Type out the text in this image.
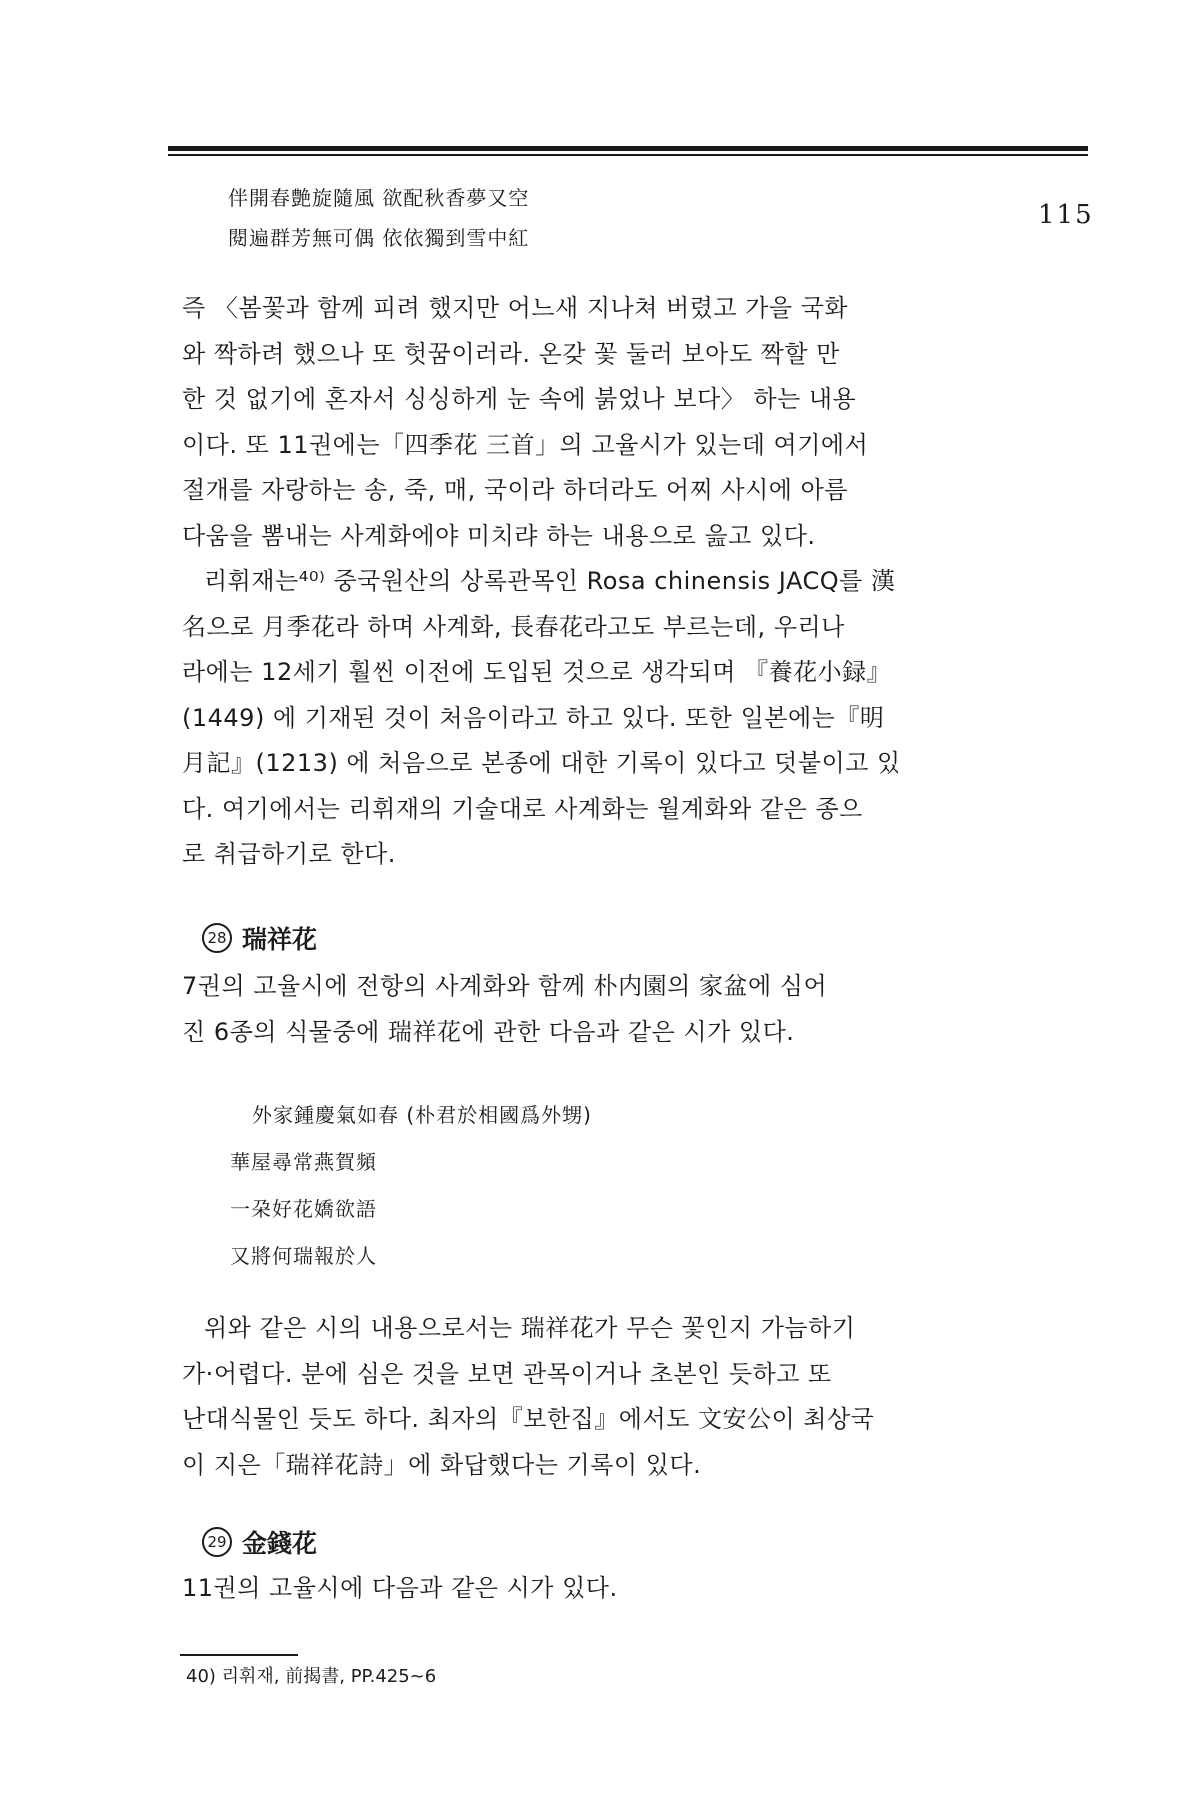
115
伴開春艶旋隨風 欲配秋香夢又空
閱遍群芳無可偶 依依獨到雪中紅
즉 〈봄꽃과 함께 피려 했지만 어느새 지나쳐 버렸고 가을 국화
와 짝하려 했으나 또 헛꿈이러라. 온갖 꽃 둘러 보아도 짝할 만
한 것 없기에 혼자서 싱싱하게 눈 속에 붉었나 보다〉 하는 내용
이다. 또 11권에는「四季花 三首」의 고율시가 있는데 여기에서
절개를 자랑하는 송, 죽, 매, 국이라 하더라도 어찌 사시에 아름
다움을 뽐내는 사계화에야 미치랴 하는 내용으로 읊고 있다.
리휘재는⁴⁰⁾ 중국원산의 상록관목인 Rosa chinensis JACQ를 漢
名으로 月季花라 하며 사계화, 長春花라고도 부르는데, 우리나
라에는 12세기 훨씬 이전에 도입된 것으로 생각되며 『養花小録』
(1449) 에 기재된 것이 처음이라고 하고 있다. 또한 일본에는『明
月記』(1213) 에 처음으로 본종에 대한 기록이 있다고 덧붙이고 있
다. 여기에서는 리휘재의 기술대로 사계화는 월계화와 같은 종으
로 취급하기로 한다.
28 瑞祥花
7권의 고율시에 전항의 사계화와 함께 朴内園의 家盆에 심어
진 6종의 식물중에 瑞祥花에 관한 다음과 같은 시가 있다.
外家鍾慶氣如春 (朴君於相國爲外甥)
華屋尋常燕賀頻
一朶好花嬌欲語
又將何瑞報於人
위와 같은 시의 내용으로서는 瑞祥花가 무슨 꽃인지 가늠하기
가·어렵다. 분에 심은 것을 보면 관목이거나 초본인 듯하고 또
난대식물인 듯도 하다. 최자의『보한집』에서도 文安公이 최상국
이 지은「瑞祥花詩」에 화답했다는 기록이 있다.
29 金錢花
11권의 고율시에 다음과 같은 시가 있다.
40) 리휘재, 前揭書, PP.425~6
